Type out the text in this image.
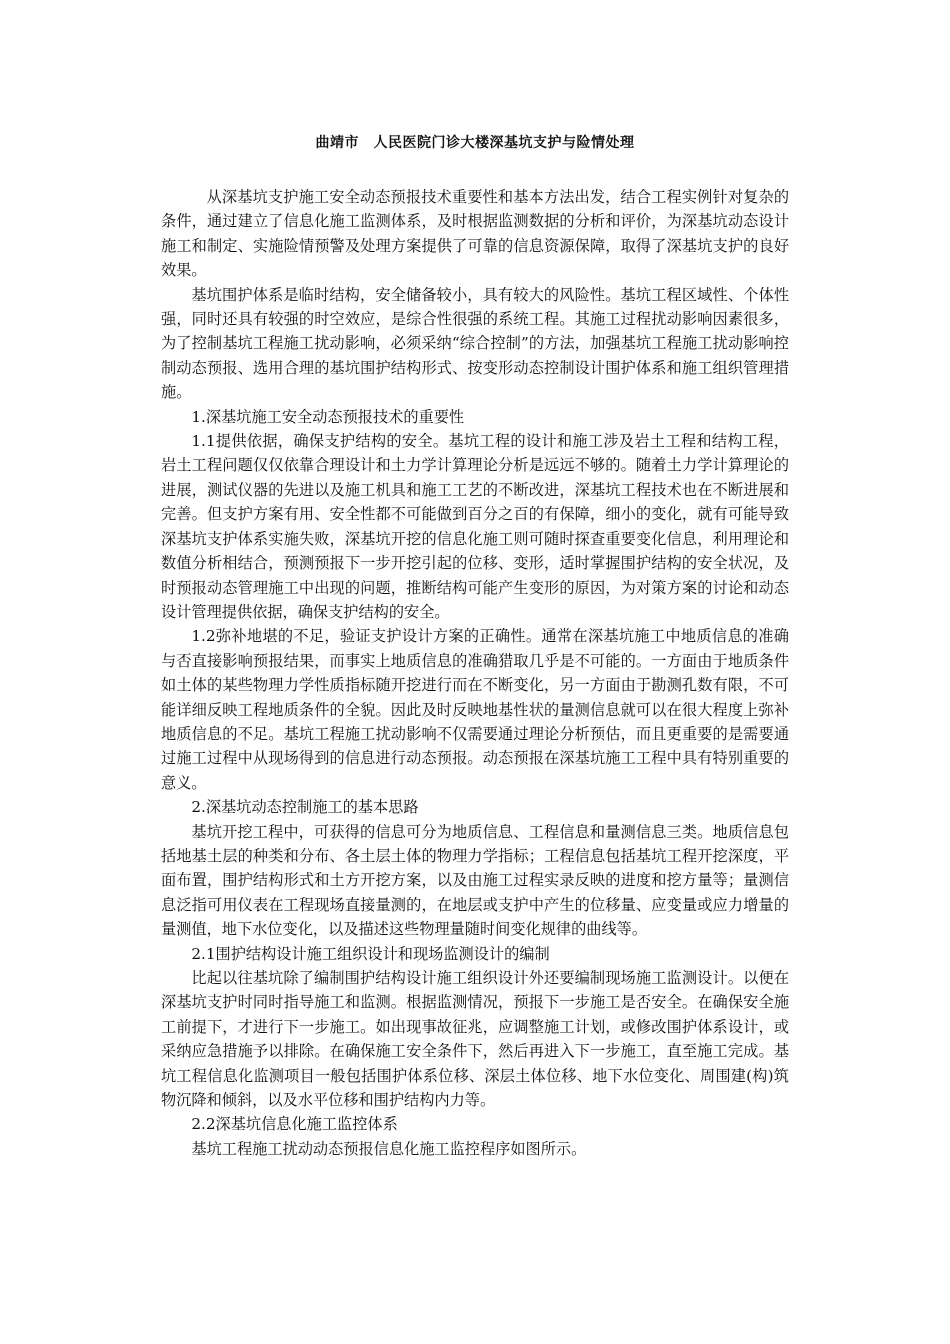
曲靖市　人民医院门诊大楼深基坑支护与险情处理

从深基坑支护施工安全动态预报技术重要性和基本方法出发，结合工程实例针对复杂的条件，通过建立了信息化施工监测体系，及时根据监测数据的分析和评价，为深基坑动态设计施工和制定、实施险情预警及处理方案提供了可靠的信息资源保障，取得了深基坑支护的良好效果。

基坑围护体系是临时结构，安全储备较小，具有较大的风险性。基坑工程区域性、个体性强，同时还具有较强的时空效应，是综合性很强的系统工程。其施工过程扰动影响因素很多，为了控制基坑工程施工扰动影响，必须采纳“综合控制”的方法，加强基坑工程施工扰动影响控制动态预报、选用合理的基坑围护结构形式、按变形动态控制设计围护体系和施工组织管理措施。

1.深基坑施工安全动态预报技术的重要性

1.1提供依据，确保支护结构的安全。基坑工程的设计和施工涉及岩土工程和结构工程，岩土工程问题仅仅依靠合理设计和土力学计算理论分析是远远不够的。随着土力学计算理论的进展，测试仪器的先进以及施工机具和施工工艺的不断改进，深基坑工程技术也在不断进展和完善。但支护方案有用、安全性都不可能做到百分之百的有保障，细小的变化，就有可能导致深基坑支护体系实施失败，深基坑开挖的信息化施工则可随时探查重要变化信息，利用理论和数值分析相结合，预测预报下一步开挖引起的位移、变形，适时掌握围护结构的安全状况，及时预报动态管理施工中出现的问题，推断结构可能产生变形的原因，为对策方案的讨论和动态设计管理提供依据，确保支护结构的安全。

1.2弥补地堪的不足，验证支护设计方案的正确性。通常在深基坑施工中地质信息的准确与否直接影响预报结果，而事实上地质信息的准确猎取几乎是不可能的。一方面由于地质条件如土体的某些物理力学性质指标随开挖进行而在不断变化，另一方面由于勘测孔数有限，不可能详细反映工程地质条件的全貌。因此及时反映地基性状的量测信息就可以在很大程度上弥补地质信息的不足。基坑工程施工扰动影响不仅需要通过理论分析预估，而且更重要的是需要通过施工过程中从现场得到的信息进行动态预报。动态预报在深基坑施工工程中具有特别重要的意义。

2.深基坑动态控制施工的基本思路

基坑开挖工程中，可获得的信息可分为地质信息、工程信息和量测信息三类。地质信息包括地基土层的种类和分布、各土层土体的物理力学指标；工程信息包括基坑工程开挖深度，平面布置，围护结构形式和土方开挖方案，以及由施工过程实录反映的进度和挖方量等；量测信息泛指可用仪表在工程现场直接量测的，在地层或支护中产生的位移量、应变量或应力增量的量测值，地下水位变化，以及描述这些物理量随时间变化规律的曲线等。

2.1围护结构设计施工组织设计和现场监测设计的编制

比起以往基坑除了编制围护结构设计施工组织设计外还要编制现场施工监测设计。以便在深基坑支护时同时指导施工和监测。根据监测情况，预报下一步施工是否安全。在确保安全施工前提下，才进行下一步施工。如出现事故征兆，应调整施工计划，或修改围护体系设计，或采纳应急措施予以排除。在确保施工安全条件下，然后再进入下一步施工，直至施工完成。基坑工程信息化监测项目一般包括围护体系位移、深层土体位移、地下水位变化、周围建(构)筑物沉降和倾斜，以及水平位移和围护结构内力等。

2.2深基坑信息化施工监控体系

基坑工程施工扰动动态预报信息化施工监控程序如图所示。
